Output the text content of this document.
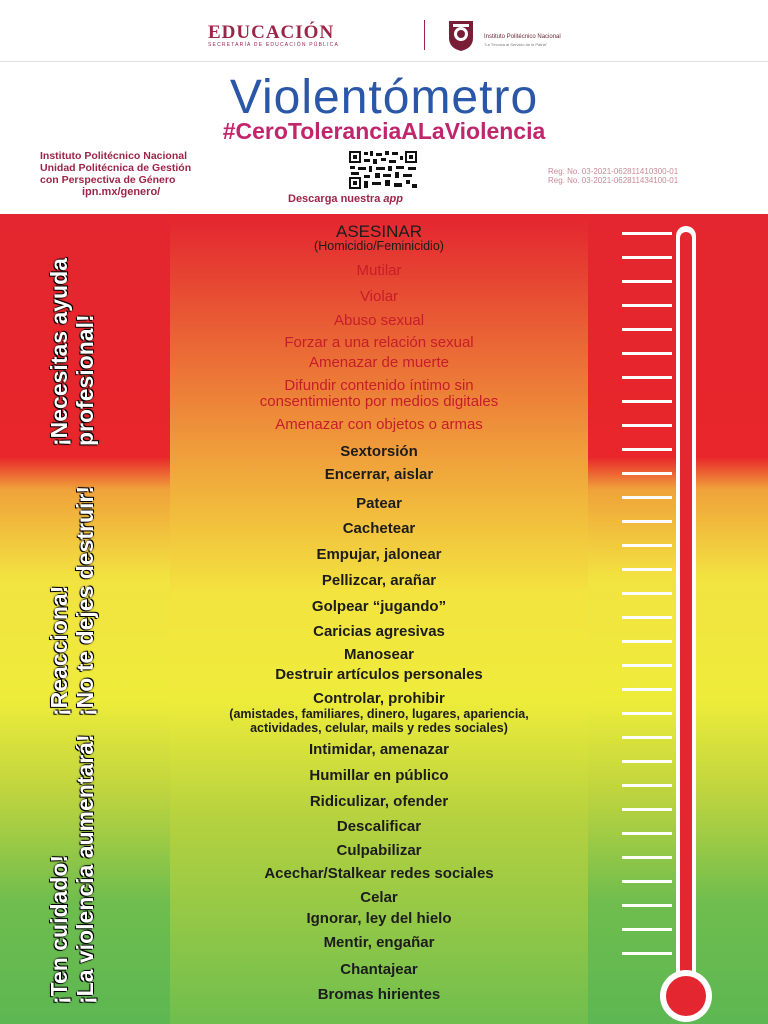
EDUCACIÓN
SECRETARÍA DE EDUCACIÓN PÚBLICA
Instituto Politécnico Nacional
"La Técnica al Servicio de la Patria"
Violentómetro
#CeroToleranciaALaViolencia
Instituto Politécnico Nacional
Unidad Politécnica de Gestión
con Perspectiva de Género
ipn.mx/genero/
Descarga nuestra app
Reg. No. 03-2021-062811410300-01
Reg. No. 03-2021-062811434100-01
¡Necesitas ayuda profesional!
¡Reacciona! ¡No te dejes destruir!
¡Ten cuidado! ¡La violencia aumentará!
ASESINAR
(Homicidio/Feminicidio)
Mutilar
Violar
Abuso sexual
Forzar a una relación sexual
Amenazar de muerte
Difundir contenido íntimo sin
consentimiento por medios digitales
Amenazar con objetos o armas
Sextorsión
Encerrar, aislar
Patear
Cachetear
Empujar, jalonear
Pellizcar, arañar
Golpear “jugando”
Caricias agresivas
Manosear
Destruir artículos personales
Controlar, prohibir
(amistades, familiares, dinero, lugares, apariencia,
actividades, celular, mails y redes sociales)
Intimidar, amenazar
Humillar en público
Ridiculizar, ofender
Descalificar
Culpabilizar
Acechar/Stalkear redes sociales
Celar
Ignorar, ley del hielo
Mentir, engañar
Chantajear
Bromas hirientes
